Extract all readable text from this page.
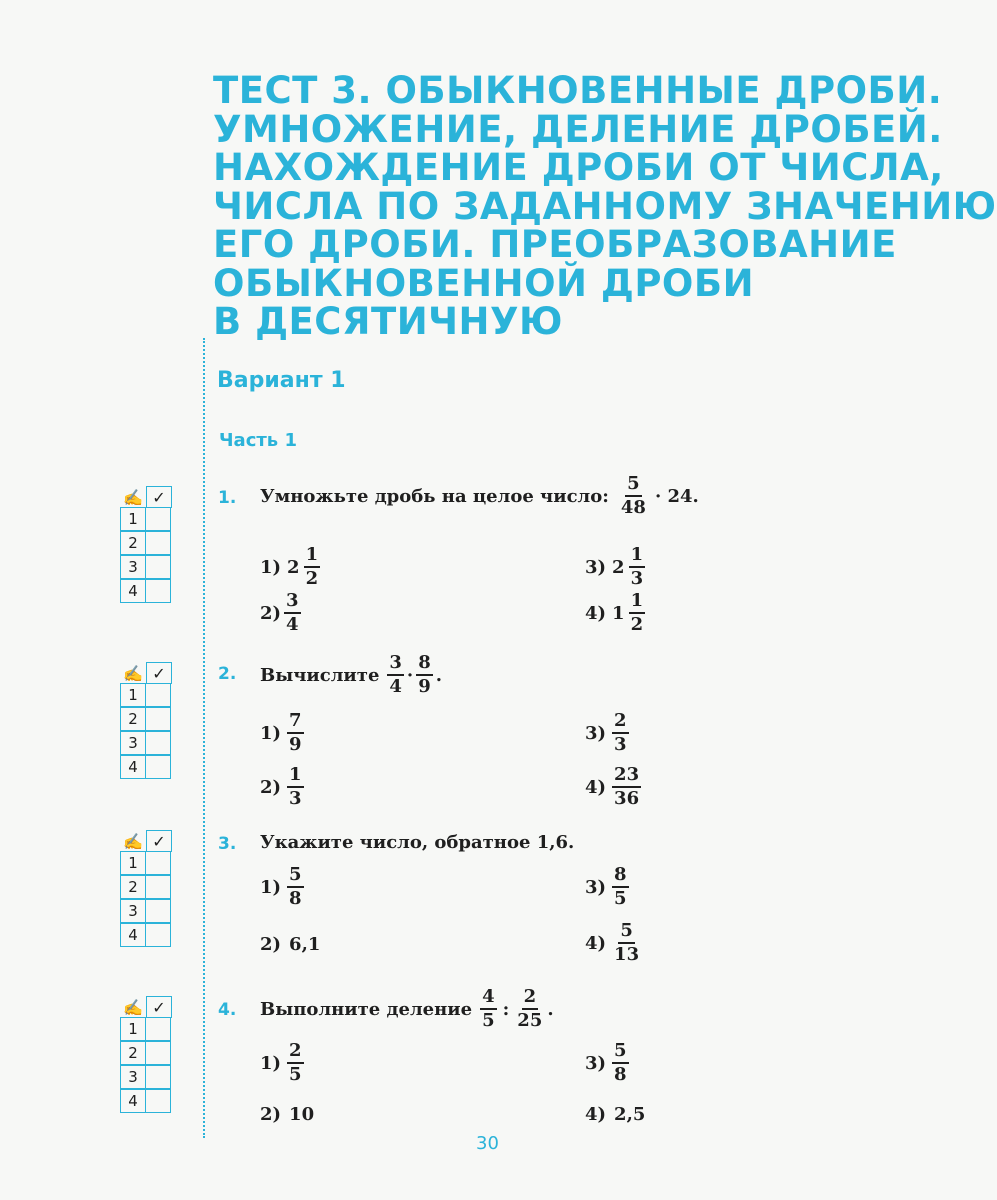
ТЕСТ 3. ОБЫКНОВЕННЫЕ ДРОБИ.
УМНОЖЕНИЕ, ДЕЛЕНИЕ ДРОБЕЙ.
НАХОЖДЕНИЕ ДРОБИ ОТ ЧИСЛА,
ЧИСЛА ПО ЗАДАННОМУ ЗНАЧЕНИЮ
ЕГО ДРОБИ. ПРЕОБРАЗОВАНИЕ
ОБЫКНОВЕННОЙ ДРОБИ
В ДЕСЯТИЧНУЮ
Вариант 1
Часть 1
✍ ✓
1
2
3
4
1. Умножьте дробь на целое число: $\frac{5}{48} \cdot 24$.
1) $2 \frac{1}{2}$	3) $2 \frac{1}{3}$
$2) \frac{3}{4}$	4) $1 \frac{1}{2}$
✍ ✓
1
2
3
4
2. Вычислите $\frac{3}{4} \cdot \frac{8}{9}$ .
$1) \frac{7}{9}$	$3) \frac{2}{3}$
$2) \frac{1}{3}$	$4) \frac{23}{36}$
✍ ✓
1
2
3
4
3. Укажите число, обратное 1,6.
$1) \frac{5}{8}$	$3) \frac{8}{5}$
2) 6,1	$4) \frac{5}{13}$
✍ ✓
1
2
3
4
4. Выполните деление $\frac{4}{5}$ : $\frac{2}{25}$ .
$1) \frac{2}{5}$	$3) \frac{5}{8}$
2) 10	4) 2,5
30
